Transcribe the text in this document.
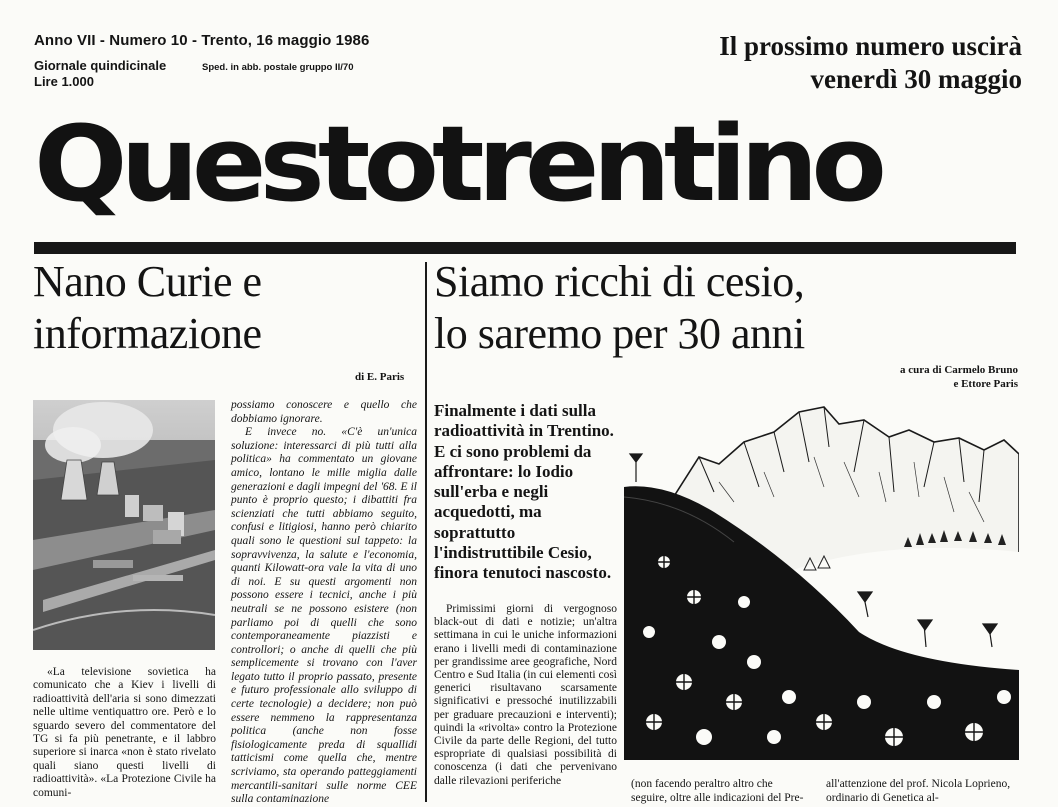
Anno VII - Numero 10 - Trento, 16 maggio 1986
Giornale quindicinale
Lire 1.000
Sped. in abb. postale gruppo II/70
Il prossimo numero uscirà
venerdì 30 maggio
Questotrentino
Nano Curie e
informazione
di E. Paris

«La televisione sovietica ha comunicato che a Kiev i livelli di radioattività dell'aria si sono dimezzati nelle ultime ventiquattro ore. Però e lo sguardo severo del commentatore del TG si fa più penetrante, e il labbro superiore si inarca «non è stato rivelato quali siano questi livelli di radioattività». «La Protezione Civile ha comuni-

possiamo conoscere e quello che dobbiamo ignorare.

E invece no. «C'è un'unica soluzione: interessarci di più tutti alla politica» ha commentato un giovane amico, lontano le mille miglia dalle generazioni e dagli impegni del '68. E il punto è proprio questo; i dibattiti fra scienziati che tutti abbiamo seguito, confusi e litigiosi, hanno però chiarito quali sono le questioni sul tappeto: la sopravvivenza, la salute e l'economia, quanti Kilowatt-ora vale la vita di uno di noi. E su questi argomenti non possono essere i tecnici, anche i più neutrali se ne possono esistere (non parliamo poi di quelli che sono contemporaneamente piazzisti e controllori; o anche di quelli che più semplicemente si trovano con l'aver legato tutto il proprio passato, presente e futuro professionale allo sviluppo di certe tecnologie) a decidere; non può essere nemmeno la rappresentanza politica (anche non fosse fisiologicamente preda di squallidi tatticismi come quella che, mentre scriviamo, sta operando patteggiamenti mercantili-sanitari sulle norme CEE sulla contaminazione

Siamo ricchi di cesio,
lo saremo per 30 anni
a cura di Carmelo Bruno
e Ettore Paris

Finalmente i dati sulla radioattività in Trentino. E ci sono problemi da affrontare: lo Iodio sull'erba e negli acquedotti, ma soprattutto l'indistruttibile Cesio, finora tenutoci nascosto.

Primissimi giorni di vergognoso black-out di dati e notizie; un'altra settimana in cui le uniche informazioni erano i livelli medi di contaminazione per grandissime aree geografiche, Nord Centro e Sud Italia (in cui elementi così generici risultavano scarsamente significativi e pressoché inutilizzabili per graduare precauzioni e interventi); quindi la «rivolta» contro la Protezione Civile da parte delle Regioni, del tutto espropriate di qualsiasi possibilità di conoscenza (i dati che pervenivano dalle rilevazioni periferiche	(non facendo peraltro altro che seguire, oltre alle indicazioni del Pre-

all'attenzione del prof. Nicola Loprieno, ordinario di Genetica al-
